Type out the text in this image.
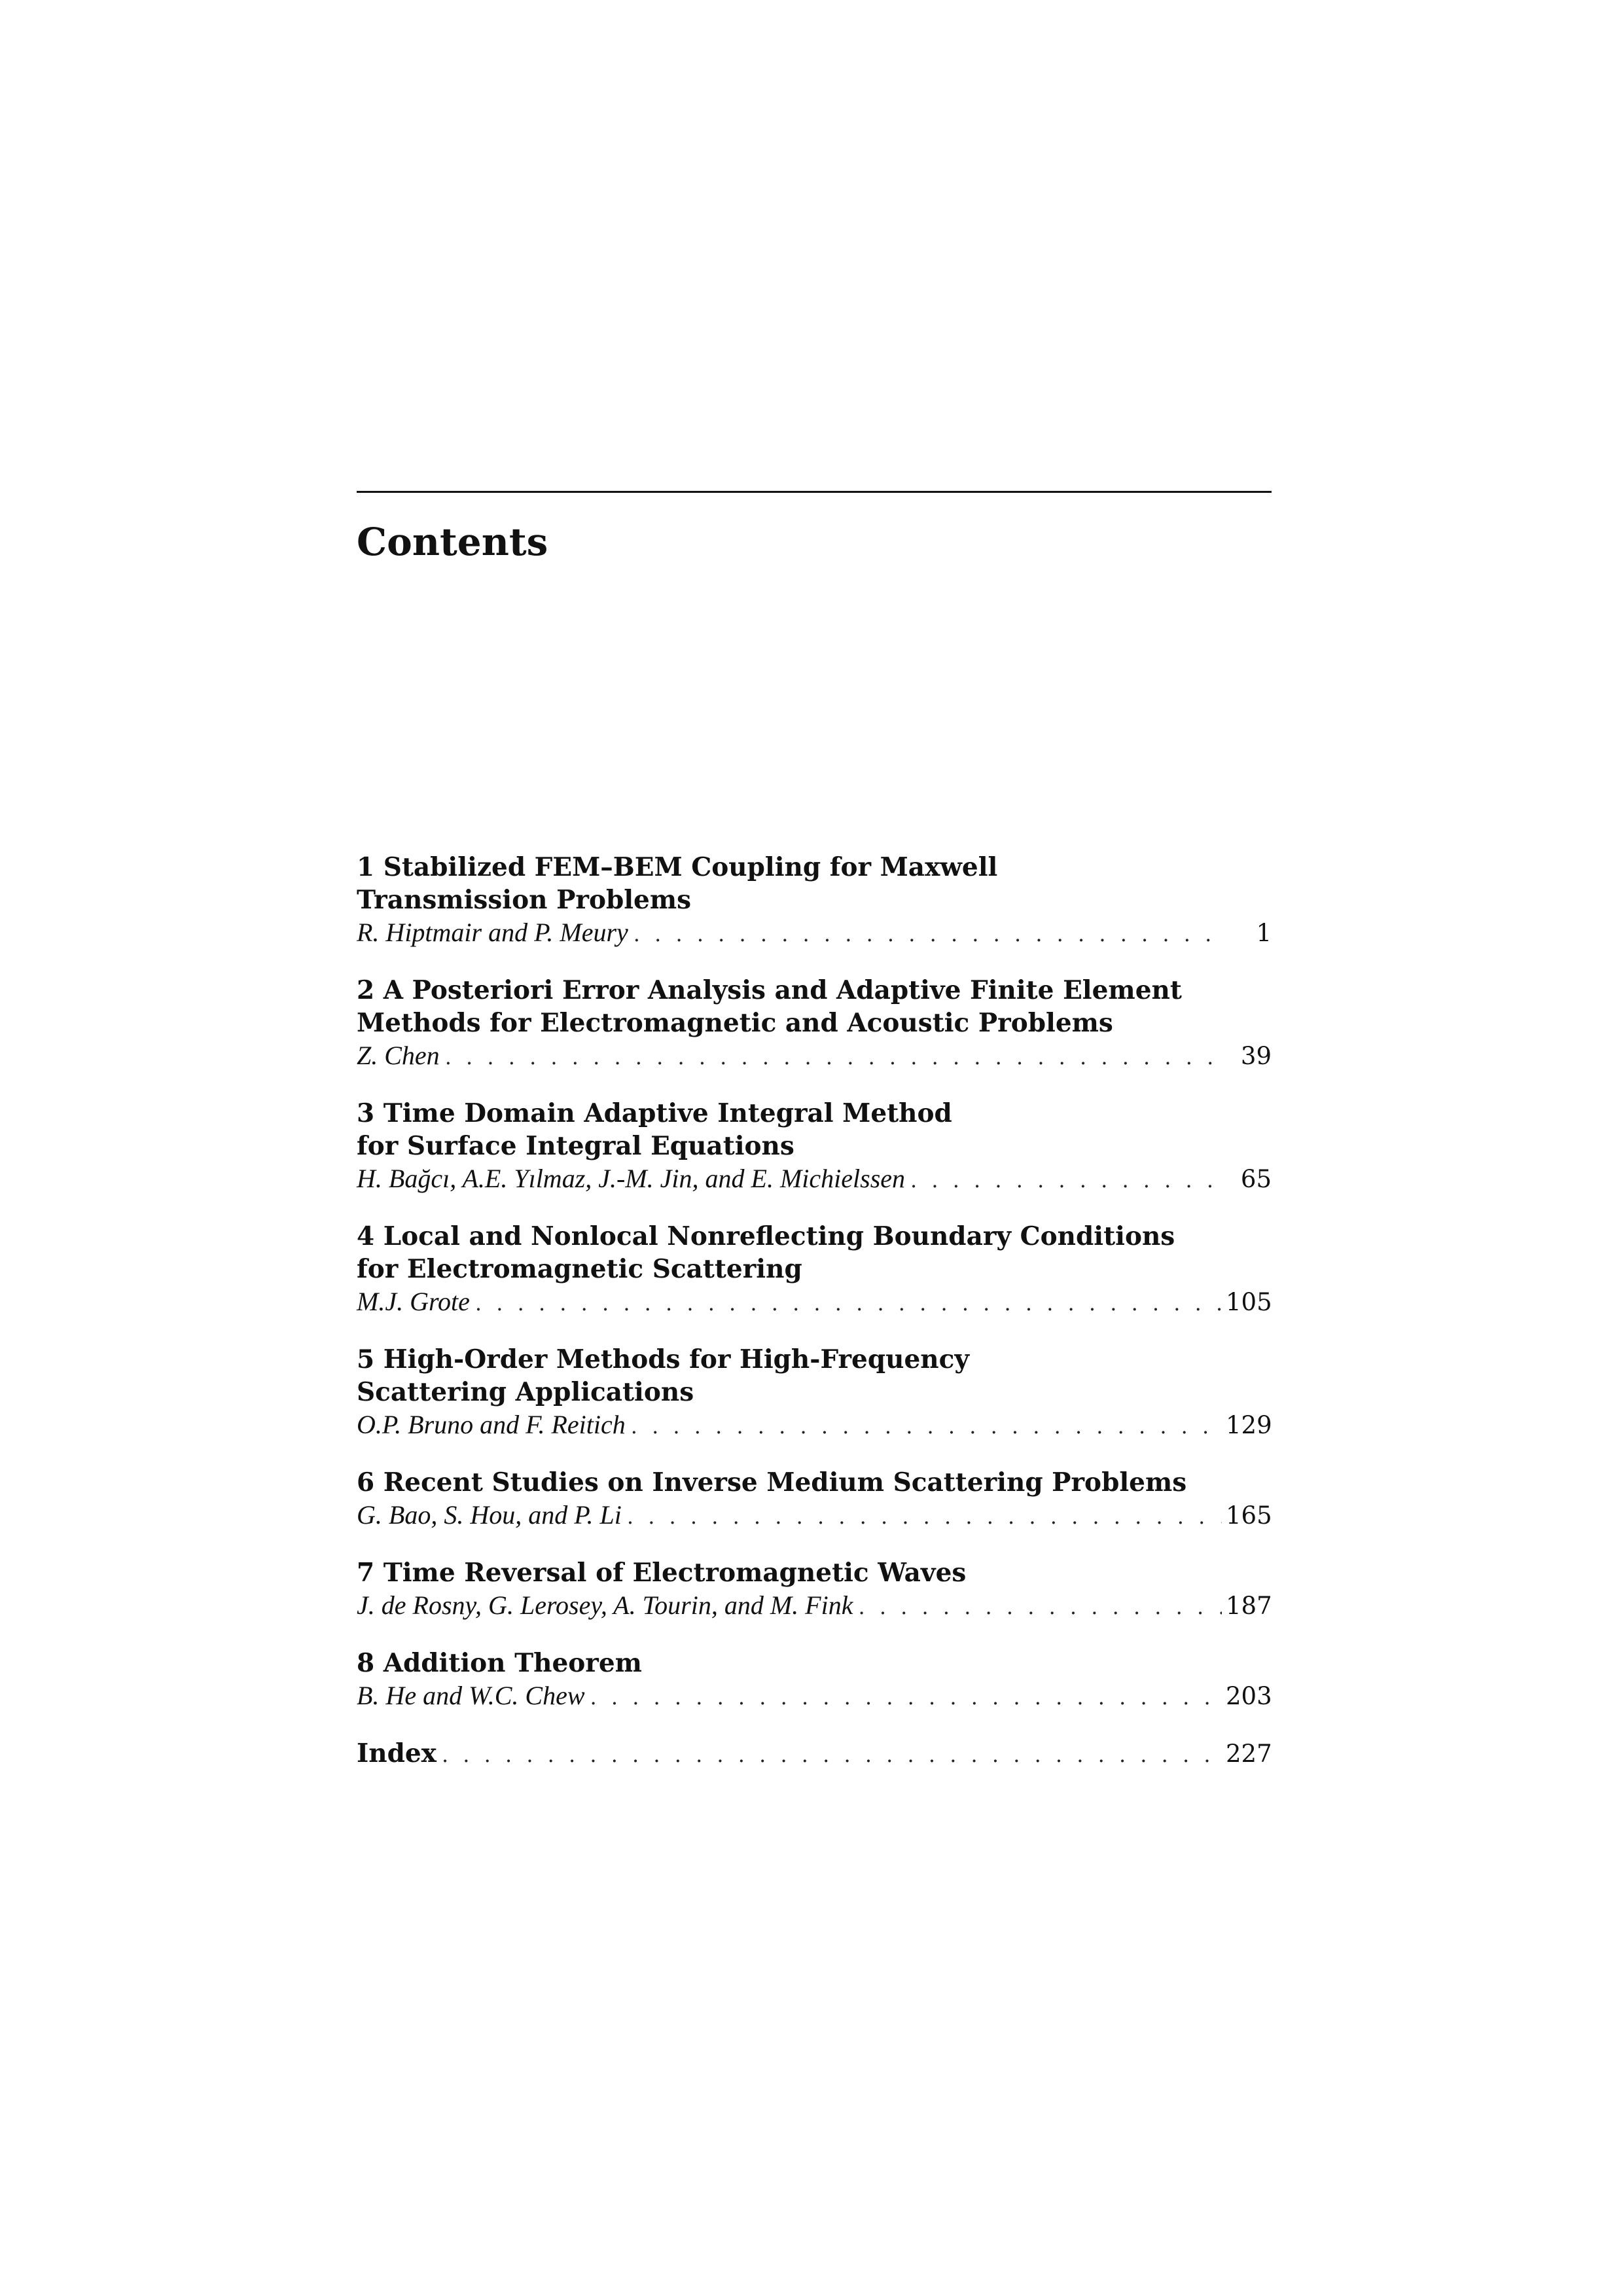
Contents
1 Stabilized FEM–BEM Coupling for Maxwell
Transmission Problems
R. Hiptmair and P. Meury . . .	1
2 A Posteriori Error Analysis and Adaptive Finite Element
Methods for Electromagnetic and Acoustic Problems
Z. Chen . . .	39
3 Time Domain Adaptive Integral Method
for Surface Integral Equations
H. Bağcı, A.E. Yılmaz, J.-M. Jin, and E. Michielssen . . .	65
4 Local and Nonlocal Nonreflecting Boundary Conditions
for Electromagnetic Scattering
M.J. Grote . . .	105
5 High-Order Methods for High-Frequency
Scattering Applications
O.P. Bruno and F. Reitich . . .	129
6 Recent Studies on Inverse Medium Scattering Problems
G. Bao, S. Hou, and P. Li . . .	165
7 Time Reversal of Electromagnetic Waves
J. de Rosny, G. Lerosey, A. Tourin, and M. Fink . . .	187
8 Addition Theorem
B. He and W.C. Chew . . .	203
Index . . .	227
